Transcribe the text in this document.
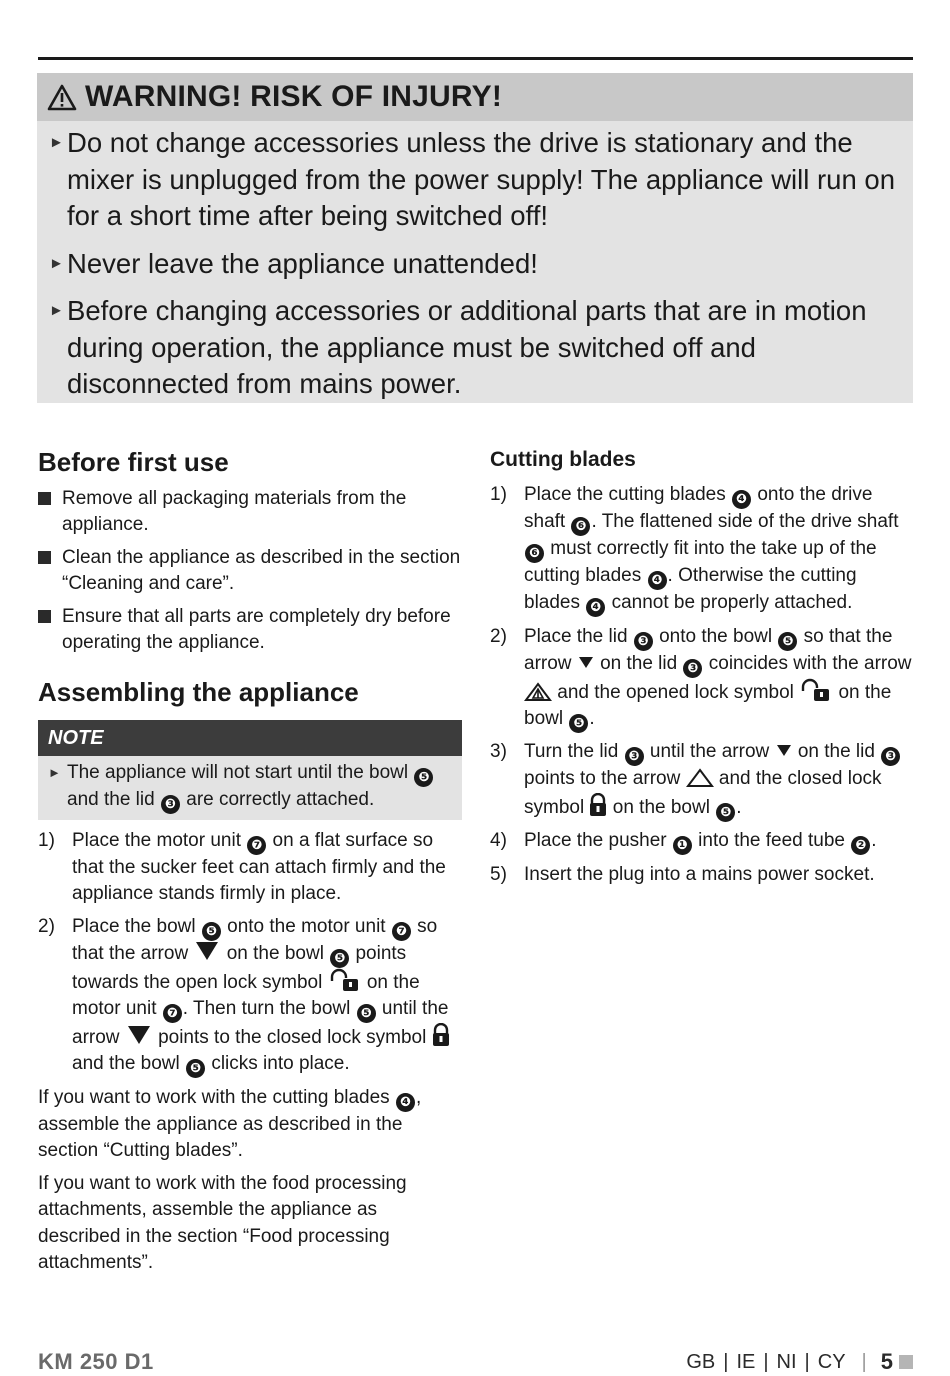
WARNING! RISK OF INJURY!
► Do not change accessories unless the drive is stationary and the mixer is unplugged from the power supply! The appliance will run on for a short time after being switched off!
► Never leave the appliance unattended!
► Before changing accessories or additional parts that are in motion during operation, the appliance must be switched off and disconnected from mains power.
Before first use
Remove all packaging materials from the appliance.
Clean the appliance as described in the section “Cleaning and care”.
Ensure that all parts are completely dry before operating the appliance.
Assembling the appliance
NOTE
► The appliance will not start until the bowl ❺ and the lid ❸ are correctly attached.
1) Place the motor unit ❼ on a flat surface so that the sucker feet can attach firmly and the appliance stands firmly in place.
2) Place the bowl ❺ onto the motor unit ❼ so that the arrow on the bowl ❺ points towards the open lock symbol on the motor unit ❼ . Then turn the bowl ❺ until the arrow points to the closed lock symbol  and the bowl ❺ clicks into place.
If you want to work with the cutting blades ❹ , assemble the appliance as described in the section “Cutting blades”.
If you want to work with the food processing attachments, assemble the appliance as described in the section “Food processing attachments”.
Cutting blades
1) Place the cutting blades ❹ onto the drive shaft ❻ . The flattened side of the drive shaft ❻ must correctly fit into the take up of the cutting blades ❹ . Otherwise the cutting blades ❹ cannot be properly attached.
2) Place the lid ❸ onto the bowl ❺ so that the arrow on the lid ❸ coincides with the arrow  and the opened lock symbol on the bowl ❺ .
3) Turn the lid ❸ until the arrow on the lid ❸ points to the arrow and the closed lock symbol on the bowl ❺ .
4) Place the pusher ❶ into the feed tube ❷ .
5) Insert the plug into a mains power socket.
KM 250 D1	GB | IE | NI | CY | 5
